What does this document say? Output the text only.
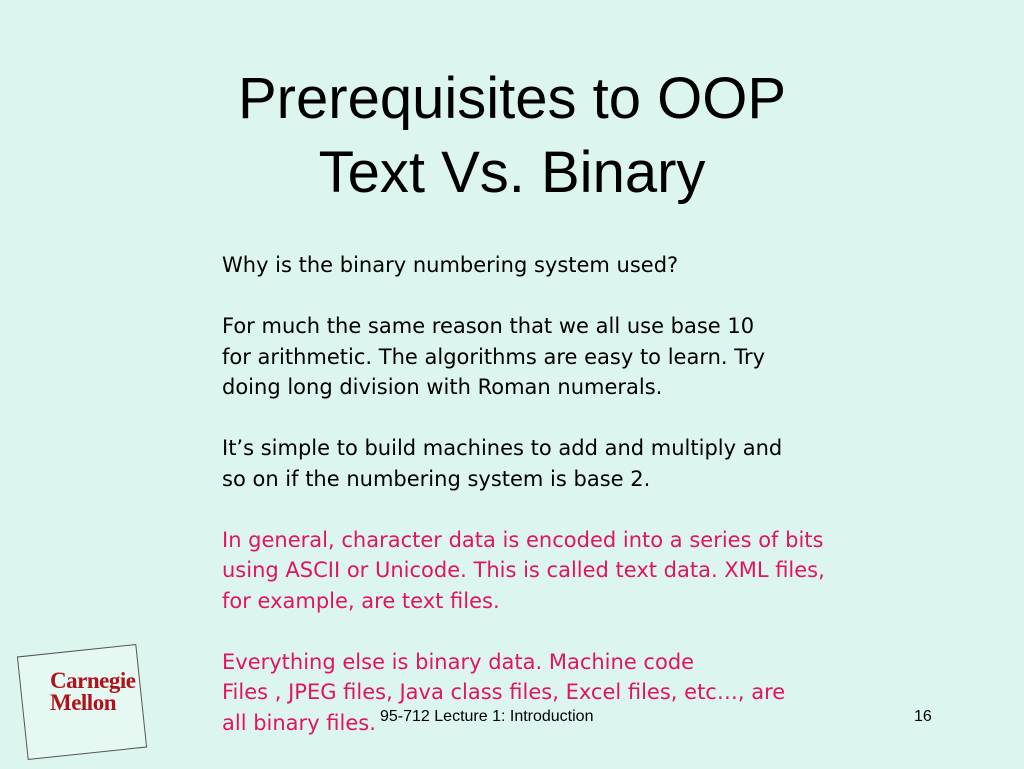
Prerequisites to OOP
Text Vs. Binary
Why is the binary numbering system used?
For much the same reason that we all use base 10
for arithmetic. The algorithms are easy to learn. Try
doing long division with Roman numerals.
It’s simple to build machines to add and multiply and
so on if the numbering system is base 2.
In general, character data is encoded into a series of bits
using ASCII or Unicode. This is called text data. XML files,
for example, are text files.
Everything else is binary data. Machine code
Files , JPEG files, Java class files, Excel files, etc…, are
all binary files.
Carnegie
Mellon
95-712 Lecture 1: Introduction	16
